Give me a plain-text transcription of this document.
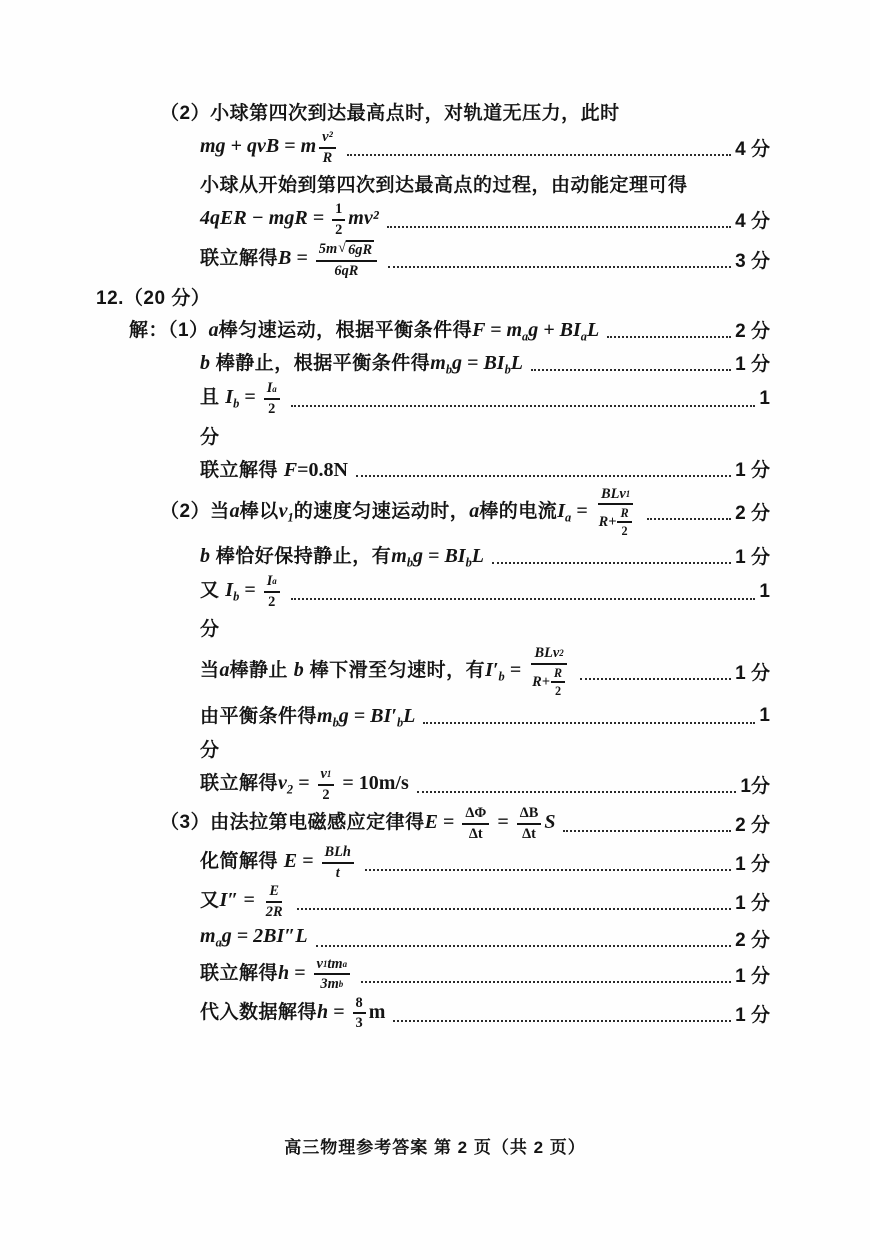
（2）小球第四次到达最高点时，对轨道无压力，此时
mg + qvB = m $\frac{\text{v²}}{R}$	4 分
小球从开始到第四次到达最高点的过程，由动能定理可得
4qER − mgR = $\frac{1}{2} mv^2$	4 分
联立解得$B = \frac{5m √ 6gR}{6qR}$	3 分
12.（20 分）
解：（1）a棒匀速运动，根据平衡条件得$F = m_ag + BI_aL$	2 分
b 棒静止，根据平衡条件得$m_bg = BI_bL$	1 分
且 $I_b = \frac{\text{I a}}{2}$	1
分
联立解得 F=0.8N	1 分
（2）当a棒以$v_1$的速度匀速运动时，a棒的电流$I_a = \frac{\text{BLv 1}}{R+ \frac{R}{2}}$	2 分
b 棒恰好保持静止，有$m_bg = BI_bL$	1 分
又 $I_b = \frac{\text{I a}}{2}$	1
分
当a棒静止 b 棒下滑至匀速时，有$I'_b = \frac{\text{BLv 2}}{R+ \frac{R}{2}}$	1 分
由平衡条件得$m_bg = BI'_bL$	1
分
联立解得$v_2 = \frac{v 1}{2} = 10m/s$	1分
（3）由法拉第电磁感应定律得$E = \frac{\Delta\Phi}{\Delta t} = \frac{\Delta B}{\Delta t}$ S	2 分
化简解得 $E = \frac{\text{BLh}}{t}$	1 分
又$I'' = \frac{E}{2R}$	1 分
$m_ag = 2BI''L$	2 分
联立解得$h = \frac{\text{v 1 tm a}}{\text{3m b}}$	1 分
代入数据解得$h = \frac{8}{3}$ m	1 分
高三物理参考答案 第 2 页（共 2 页）
